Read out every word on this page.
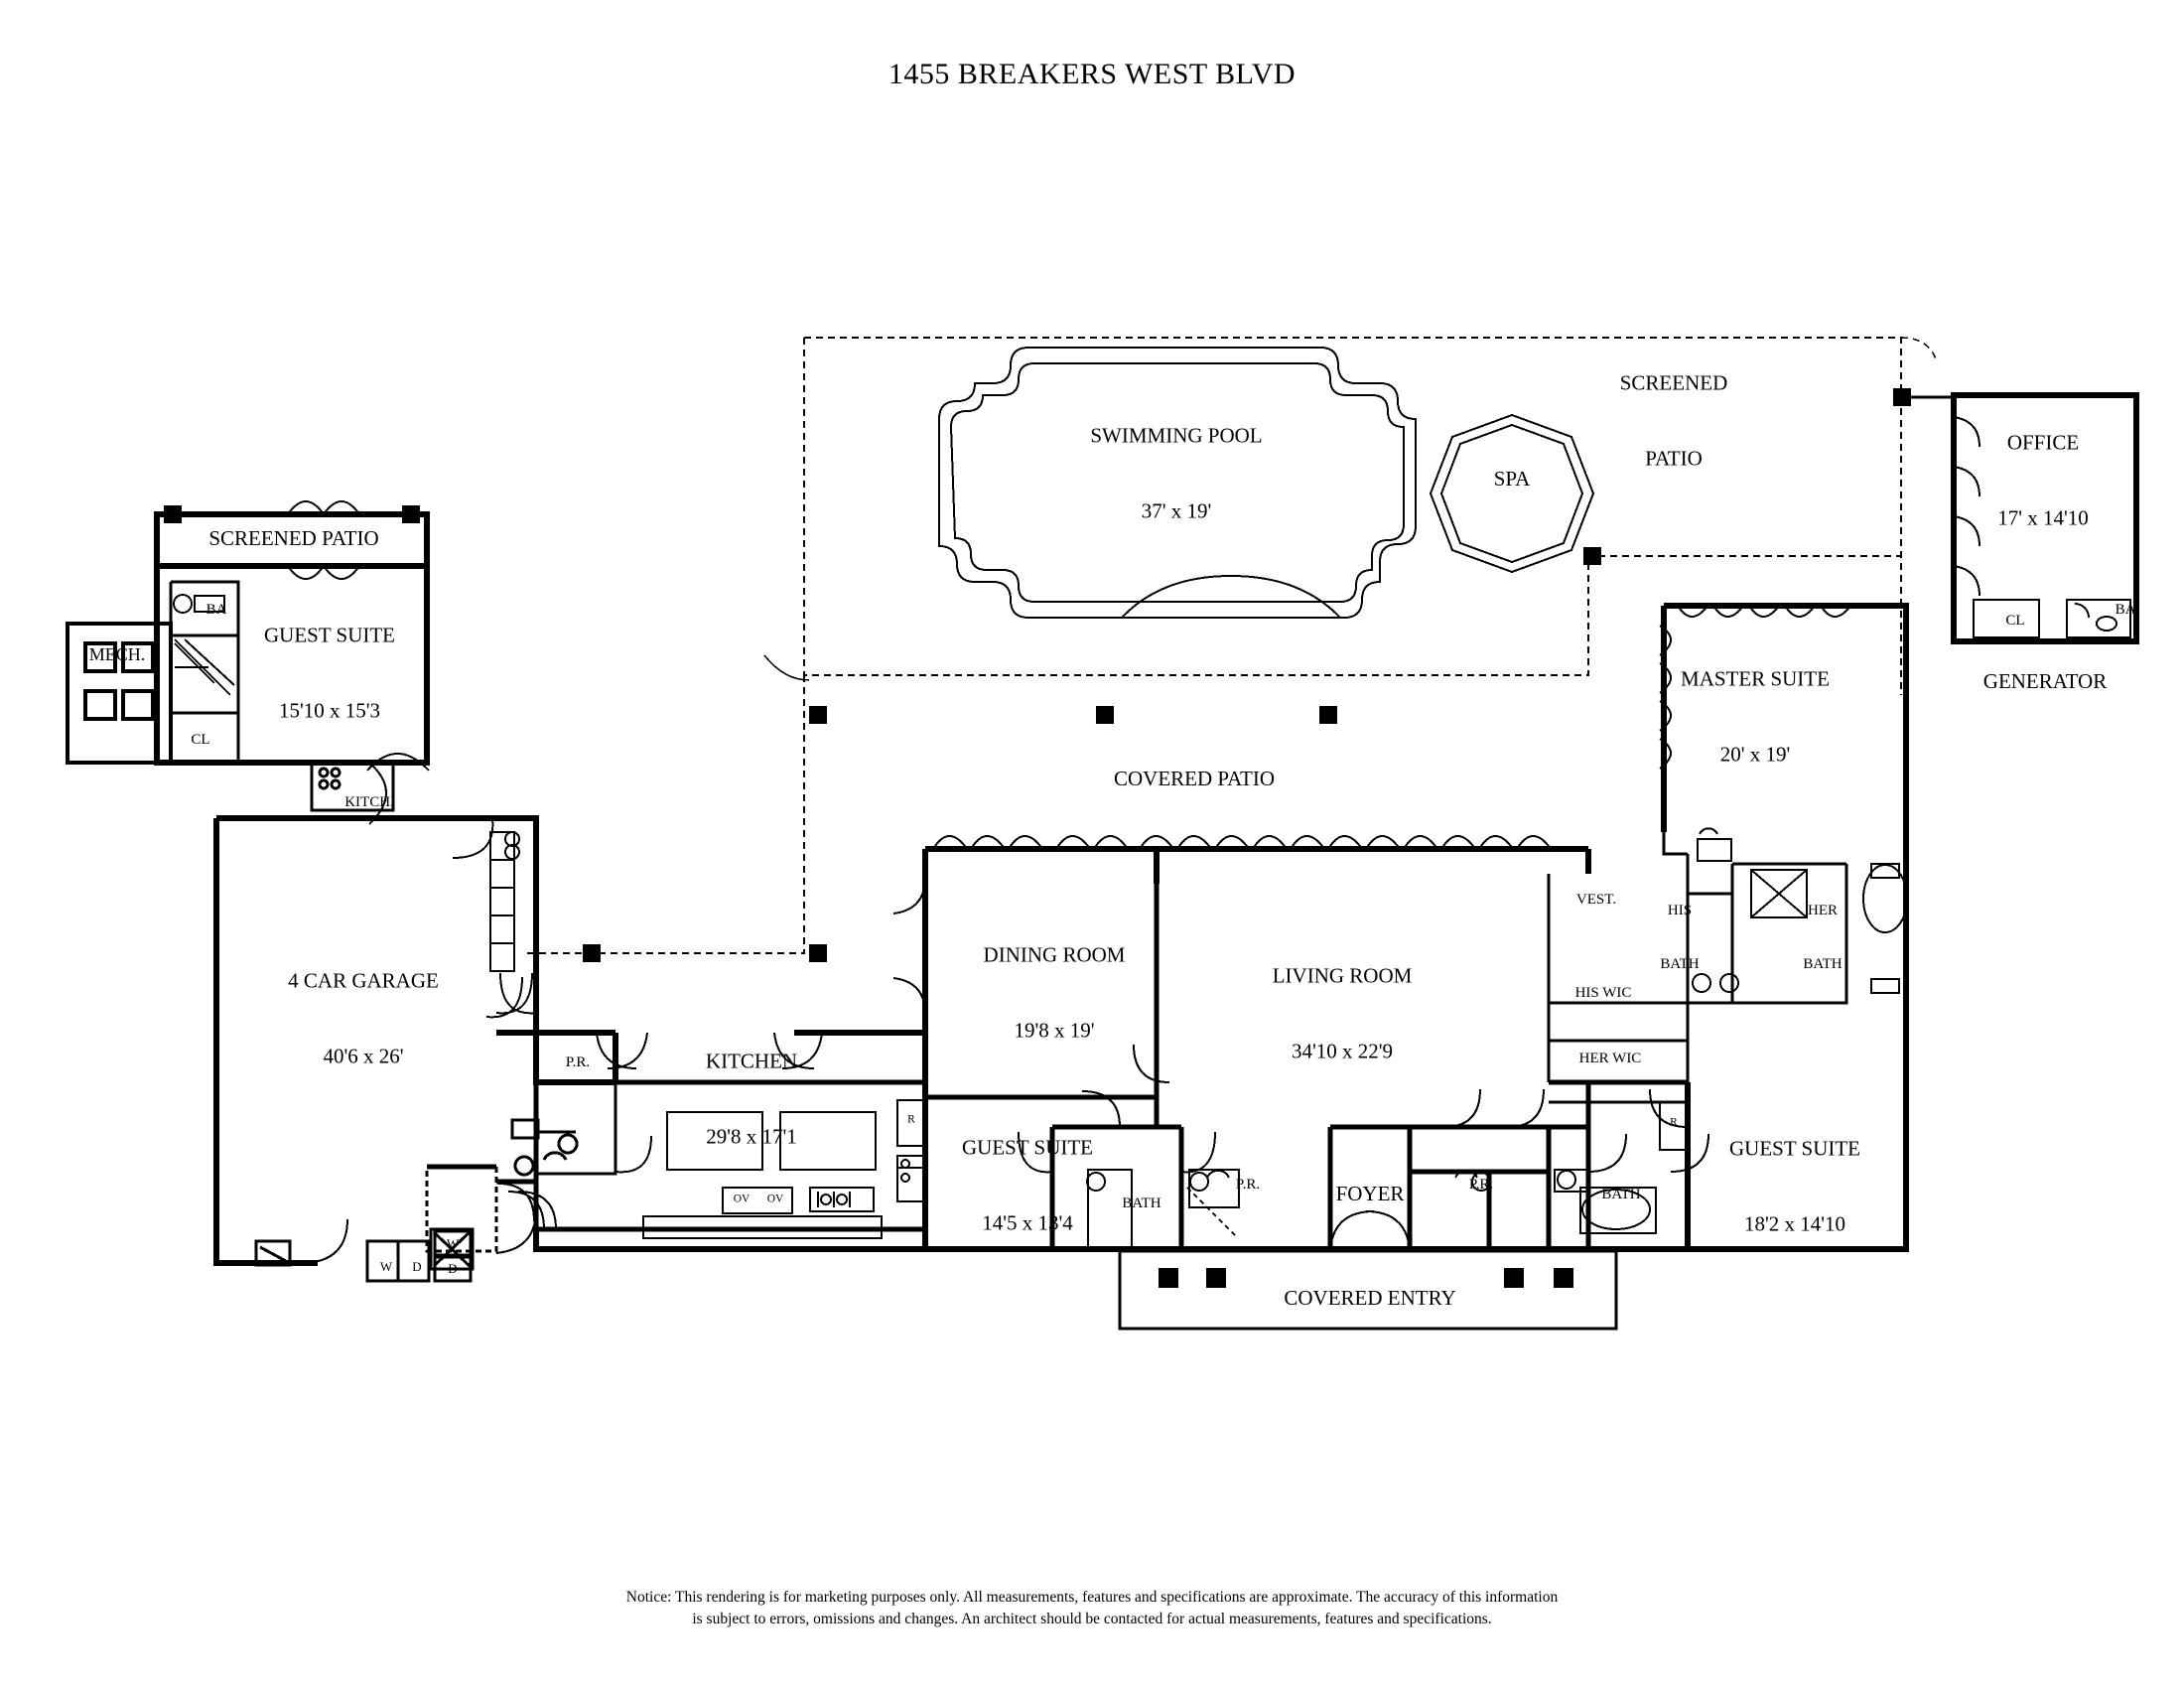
1455 BREAKERS WEST BLVD

SWIMMING POOL

37' x 19'

SPA

SCREENED

PATIO

OFFICE

17' x 14'10

GENERATOR

MASTER SUITE

20' x 19'

COVERED PATIO

VEST.

HIS

BATH

HER

BATH

HIS WIC

HER WIC

SCREENED PATIO

GUEST SUITE

15'10 x 15'3

MECH.

KITCH.

CL

BA

CL

BA

4 CAR GARAGE

40'6 x 26'

DINING ROOM

19'8 x 19'

LIVING ROOM

34'10 x 22'9

KITCHEN

29'8 x 17'1

P.R.

GUEST SUITE

14'5 x 13'4

BATH

P.R.

	FOYER

	P.R.

BATH

GUEST SUITE

18'2 x 14'10

COVERED ENTRY

W

D

W

D

OV

OV

R

	R

Notice: This rendering is for marketing purposes only. All measurements, features and specifications are approximate. The accuracy of this information
is subject to errors, omissions and changes. An architect should be contacted for actual measurements, features and specifications.
